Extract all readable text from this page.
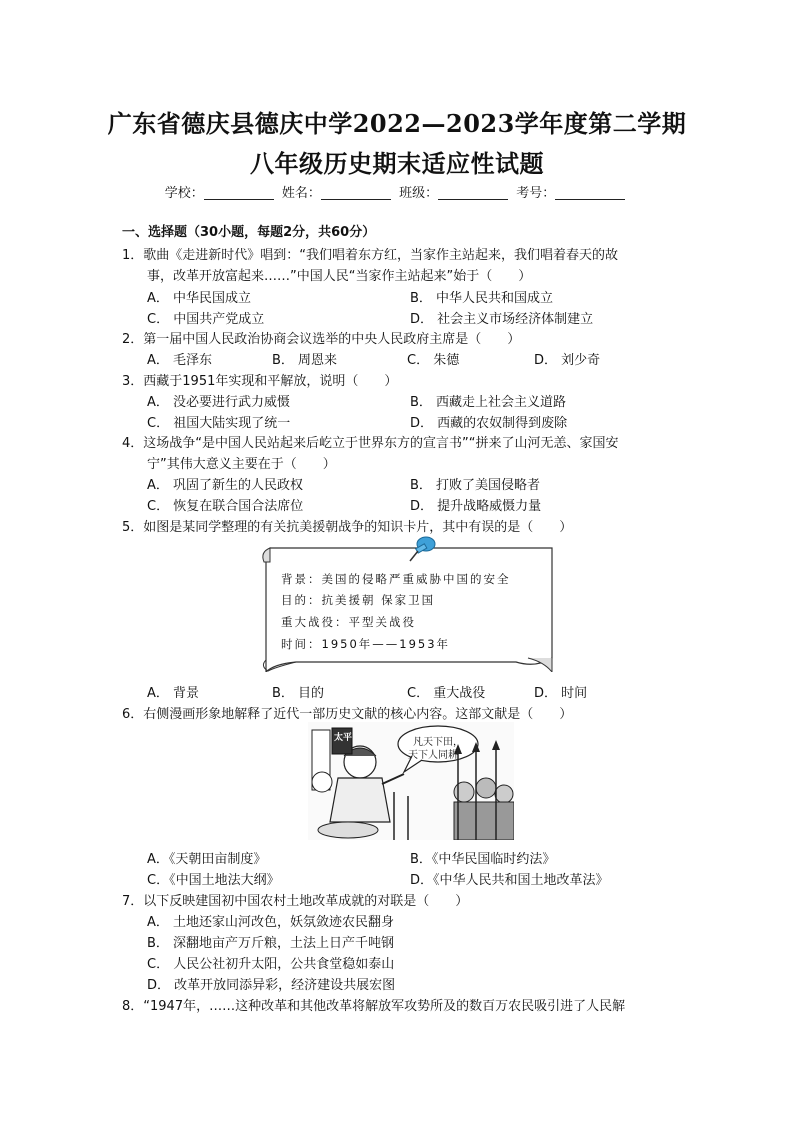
广东省德庆县德庆中学2022—2023学年度第二学期
八年级历史期末适应性试题
学校：	姓名：	班级：	考号：
一、选择题（30小题，每题2分，共60分）
1．歌曲《走进新时代》唱到：“我们唱着东方红，当家作主站起来，我们唱着春天的故
事，改革开放富起来……”中国人民“当家作主站起来”始于（　　）
A． 中华民国成立	B． 中华人民共和国成立
C． 中国共产党成立	D． 社会主义市场经济体制建立
2．第一届中国人民政治协商会议选举的中央人民政府主席是（　　）
A． 毛泽东	B． 周恩来	C． 朱德	D． 刘少奇
3．西藏于1951年实现和平解放，说明（　　）
A． 没必要进行武力威慑	B． 西藏走上社会主义道路
C． 祖国大陆实现了统一	D． 西藏的农奴制得到废除
4．这场战争“是中国人民站起来后屹立于世界东方的宣言书”“拼来了山河无恙、家国安
宁”其伟大意义主要在于（　　）
A． 巩固了新生的人民政权	B． 打败了美国侵略者
C． 恢复在联合国合法席位	D． 提升战略威慑力量
5．如图是某同学整理的有关抗美援朝战争的知识卡片，其中有误的是（　　）
背景：美国的侵略严重威胁中国的安全
目的：抗美援朝 保家卫国
重大战役：平型关战役
时间：1950年——1953年
A． 背景	B． 目的	C． 重大战役	D． 时间
6．右侧漫画形象地解释了近代一部历史文献的核心内容。这部文献是（　　）
太平	凡天下田，
天下人同耕
A．《天朝田亩制度》	B．《中华民国临时约法》
C．《中国土地法大纲》	D．《中华人民共和国土地改革法》
7．以下反映建国初中国农村土地改革成就的对联是（　　）
A． 土地还家山河改色，妖氛敛迹农民翻身
B． 深翻地亩产万斤粮，土法上日产千吨钢
C． 人民公社初升太阳，公共食堂稳如泰山
D． 改革开放同添异彩，经济建设共展宏图
8．“1947年，……这种改革和其他改革将解放军攻势所及的数百万农民吸引进了人民解
